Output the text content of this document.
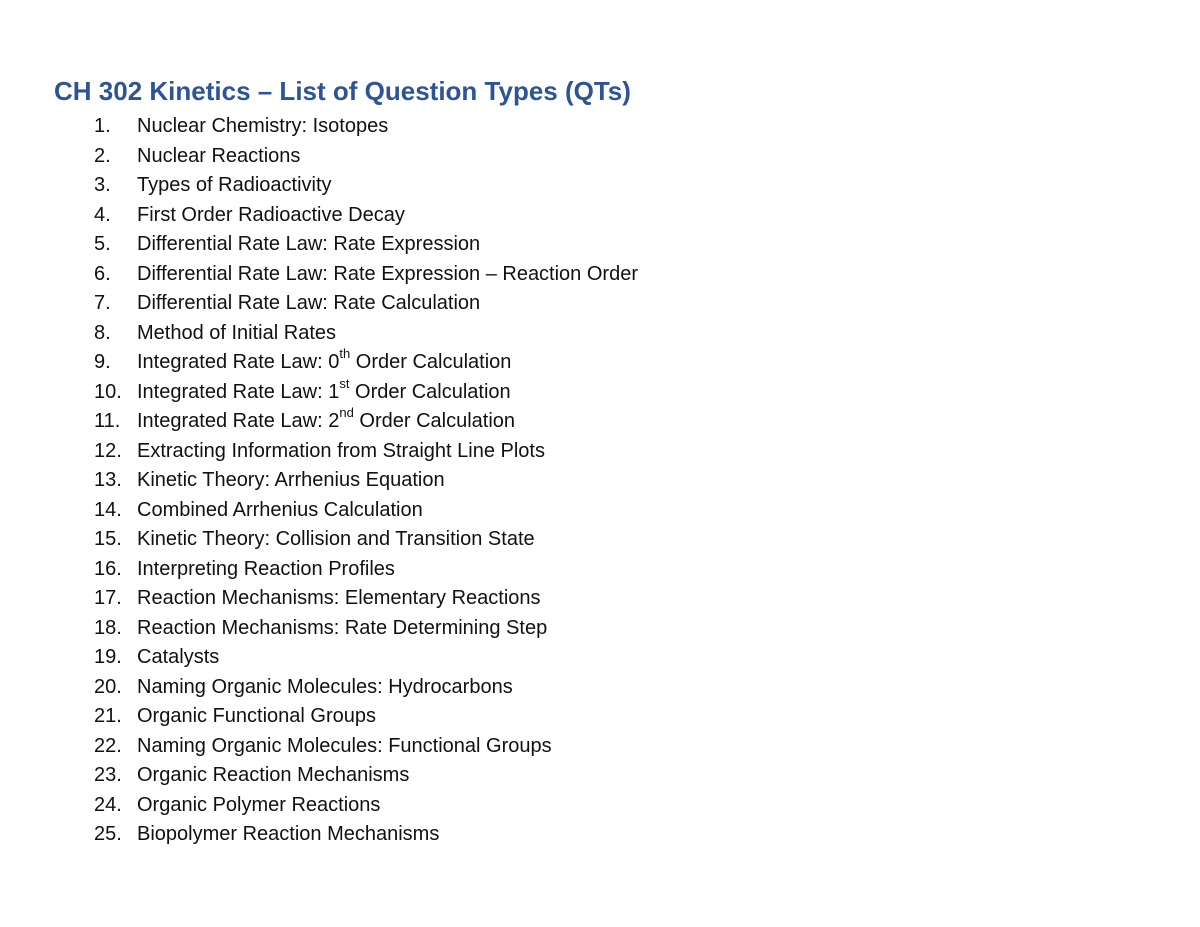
CH 302 Kinetics – List of Question Types (QTs)
1.	Nuclear Chemistry: Isotopes
2.	Nuclear Reactions
3.	Types of Radioactivity
4.	First Order Radioactive Decay
5.	Differential Rate Law: Rate Expression
6.	Differential Rate Law: Rate Expression – Reaction Order
7.	Differential Rate Law: Rate Calculation
8.	Method of Initial Rates
9.	Integrated Rate Law: 0th Order Calculation
10. Integrated Rate Law: 1st Order Calculation
11. Integrated Rate Law: 2nd Order Calculation
12. Extracting Information from Straight Line Plots
13. Kinetic Theory: Arrhenius Equation
14. Combined Arrhenius Calculation
15. Kinetic Theory: Collision and Transition State
16. Interpreting Reaction Profiles
17. Reaction Mechanisms: Elementary Reactions
18. Reaction Mechanisms: Rate Determining Step
19. Catalysts
20. Naming Organic Molecules: Hydrocarbons
21. Organic Functional Groups
22. Naming Organic Molecules: Functional Groups
23. Organic Reaction Mechanisms
24. Organic Polymer Reactions
25. Biopolymer Reaction Mechanisms
